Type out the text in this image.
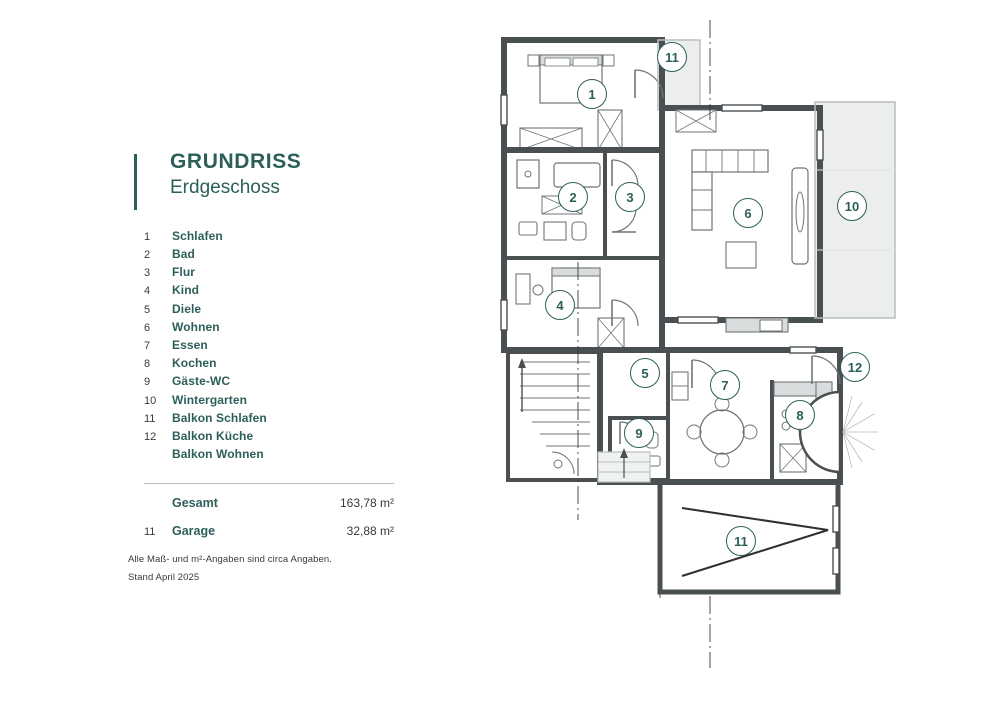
GRUNDRISS
Erdgeschoss
1	Schlafen
2	Bad
3	Flur
4	Kind
5	Diele
6	Wohnen
7	Essen
8	Kochen
9	Gäste-WC
10	Wintergarten
11	Balkon Schlafen
12	Balkon Küche
Balkon Wohnen
Gesamt	163,78 m²
11	Garage	32,88 m²
Alle Maß- und m²-Angaben sind circa Angaben.
Stand April 2025
1
11
2	3
4
6	10
5
7
8
9
12
11
